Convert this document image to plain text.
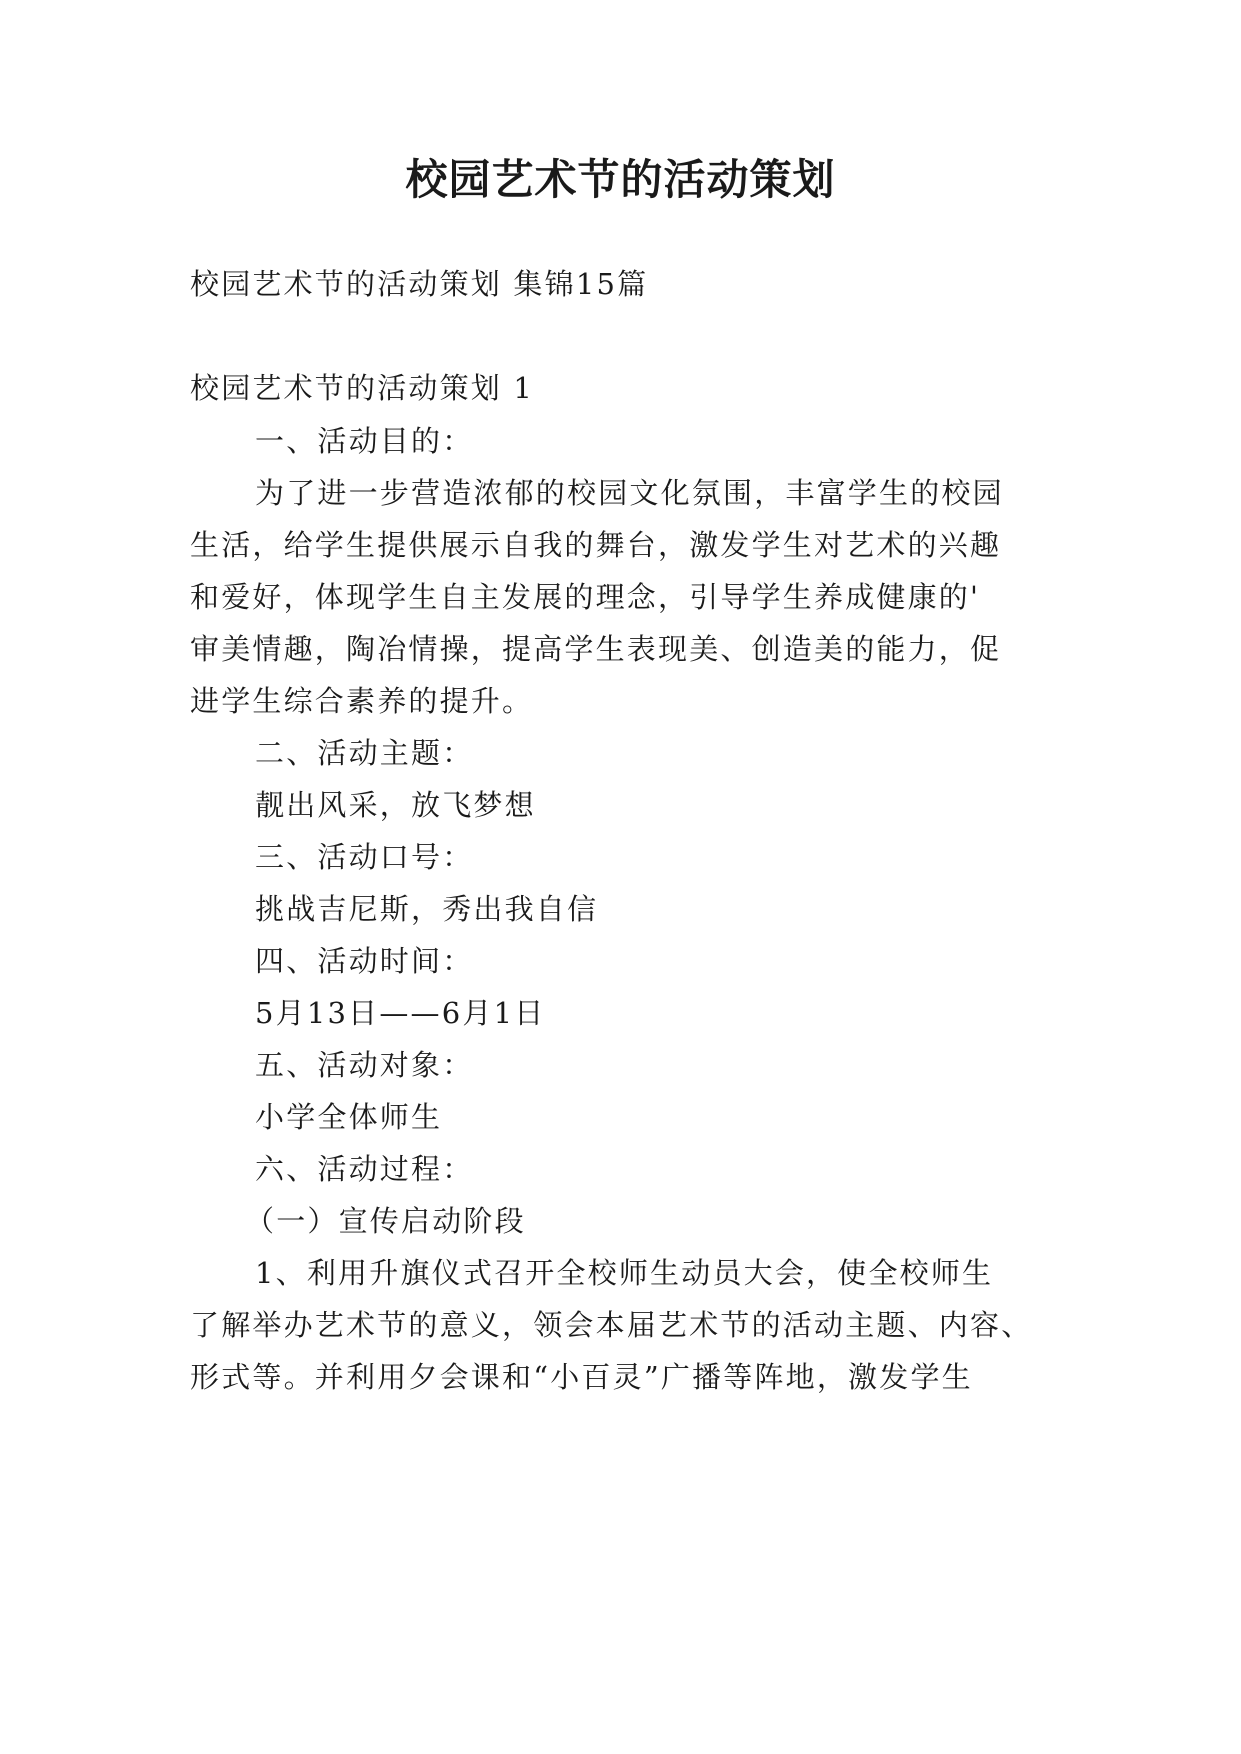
校园艺术节的活动策划
校园艺术节的活动策划 集锦15篇
校园艺术节的活动策划 1
一、活动目的：
为了进一步营造浓郁的校园文化氛围，丰富学生的校园
生活，给学生提供展示自我的舞台，激发学生对艺术的兴趣
和爱好，体现学生自主发展的理念，引导学生养成健康的'
审美情趣，陶冶情操，提高学生表现美、创造美的能力，促
进学生综合素养的提升。
二、活动主题：
靓出风采，放飞梦想
三、活动口号：
挑战吉尼斯，秀出我自信
四、活动时间：
5月13日——6月1日
五、活动对象：
小学全体师生
六、活动过程：
（一）宣传启动阶段
1、利用升旗仪式召开全校师生动员大会，使全校师生
了解举办艺术节的意义，领会本届艺术节的活动主题、内容、
形式等。并利用夕会课和“小百灵”广播等阵地，激发学生
